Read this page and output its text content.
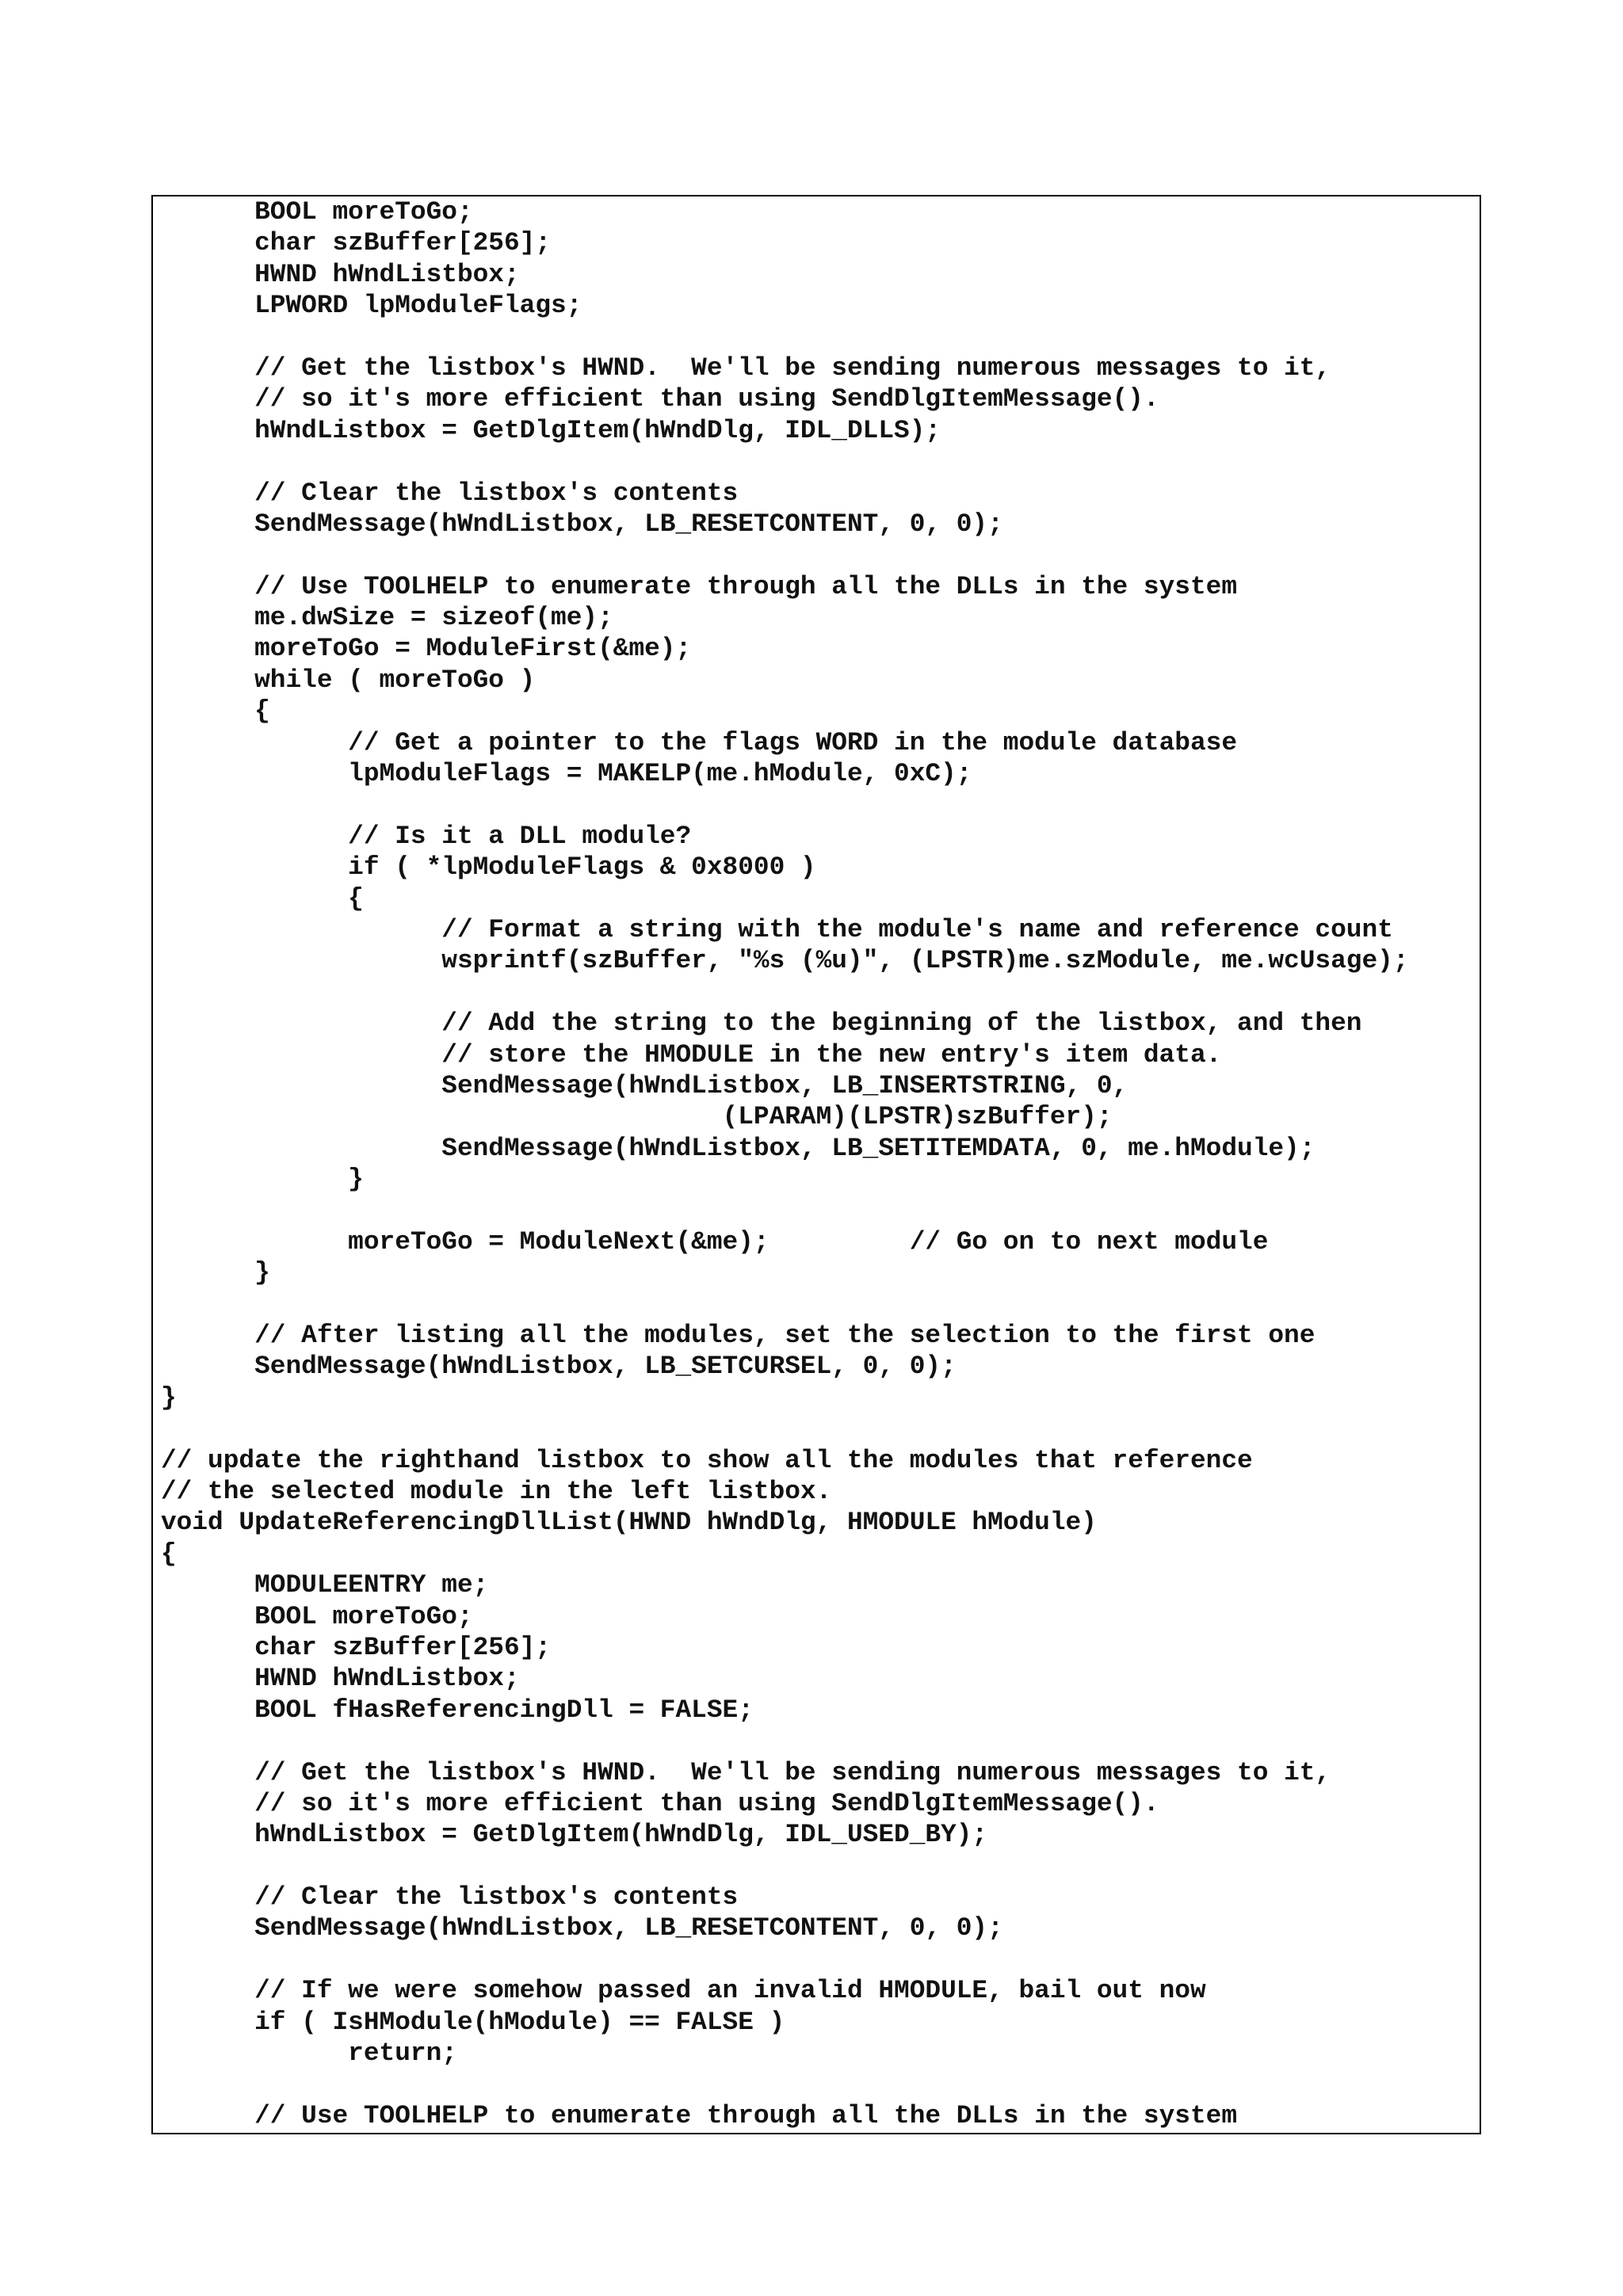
BOOL moreToGo;
char szBuffer[256];
HWND hWndListbox;
LPWORD lpModuleFlags;

// Get the listbox's HWND.  We'll be sending numerous messages to it,
// so it's more efficient than using SendDlgItemMessage().
hWndListbox = GetDlgItem(hWndDlg, IDL_DLLS);

// Clear the listbox's contents
SendMessage(hWndListbox, LB_RESETCONTENT, 0, 0);

// Use TOOLHELP to enumerate through all the DLLs in the system
me.dwSize = sizeof(me);
moreToGo = ModuleFirst(&me);
while ( moreToGo )
{
// Get a pointer to the flags WORD in the module database
lpModuleFlags = MAKELP(me.hModule, 0xC);

// Is it a DLL module?
if ( *lpModuleFlags & 0x8000 )
{
// Format a string with the module's name and reference count
wsprintf(szBuffer, "%s (%u)", (LPSTR)me.szModule, me.wcUsage);

// Add the string to the beginning of the listbox, and then
// store the HMODULE in the new entry's item data.
SendMessage(hWndListbox, LB_INSERTSTRING, 0,
(LPARAM)(LPSTR)szBuffer);
SendMessage(hWndListbox, LB_SETITEMDATA, 0, me.hModule);
}

moreToGo = ModuleNext(&me);         // Go on to next module
}

// After listing all the modules, set the selection to the first one
SendMessage(hWndListbox, LB_SETCURSEL, 0, 0);
}

// update the righthand listbox to show all the modules that reference
// the selected module in the left listbox.
void UpdateReferencingDllList(HWND hWndDlg, HMODULE hModule)
{
MODULEENTRY me;
BOOL moreToGo;
char szBuffer[256];
HWND hWndListbox;
BOOL fHasReferencingDll = FALSE;

// Get the listbox's HWND.  We'll be sending numerous messages to it,
// so it's more efficient than using SendDlgItemMessage().
hWndListbox = GetDlgItem(hWndDlg, IDL_USED_BY);

// Clear the listbox's contents
SendMessage(hWndListbox, LB_RESETCONTENT, 0, 0);

// If we were somehow passed an invalid HMODULE, bail out now
if ( IsHModule(hModule) == FALSE )
return;

// Use TOOLHELP to enumerate through all the DLLs in the system
